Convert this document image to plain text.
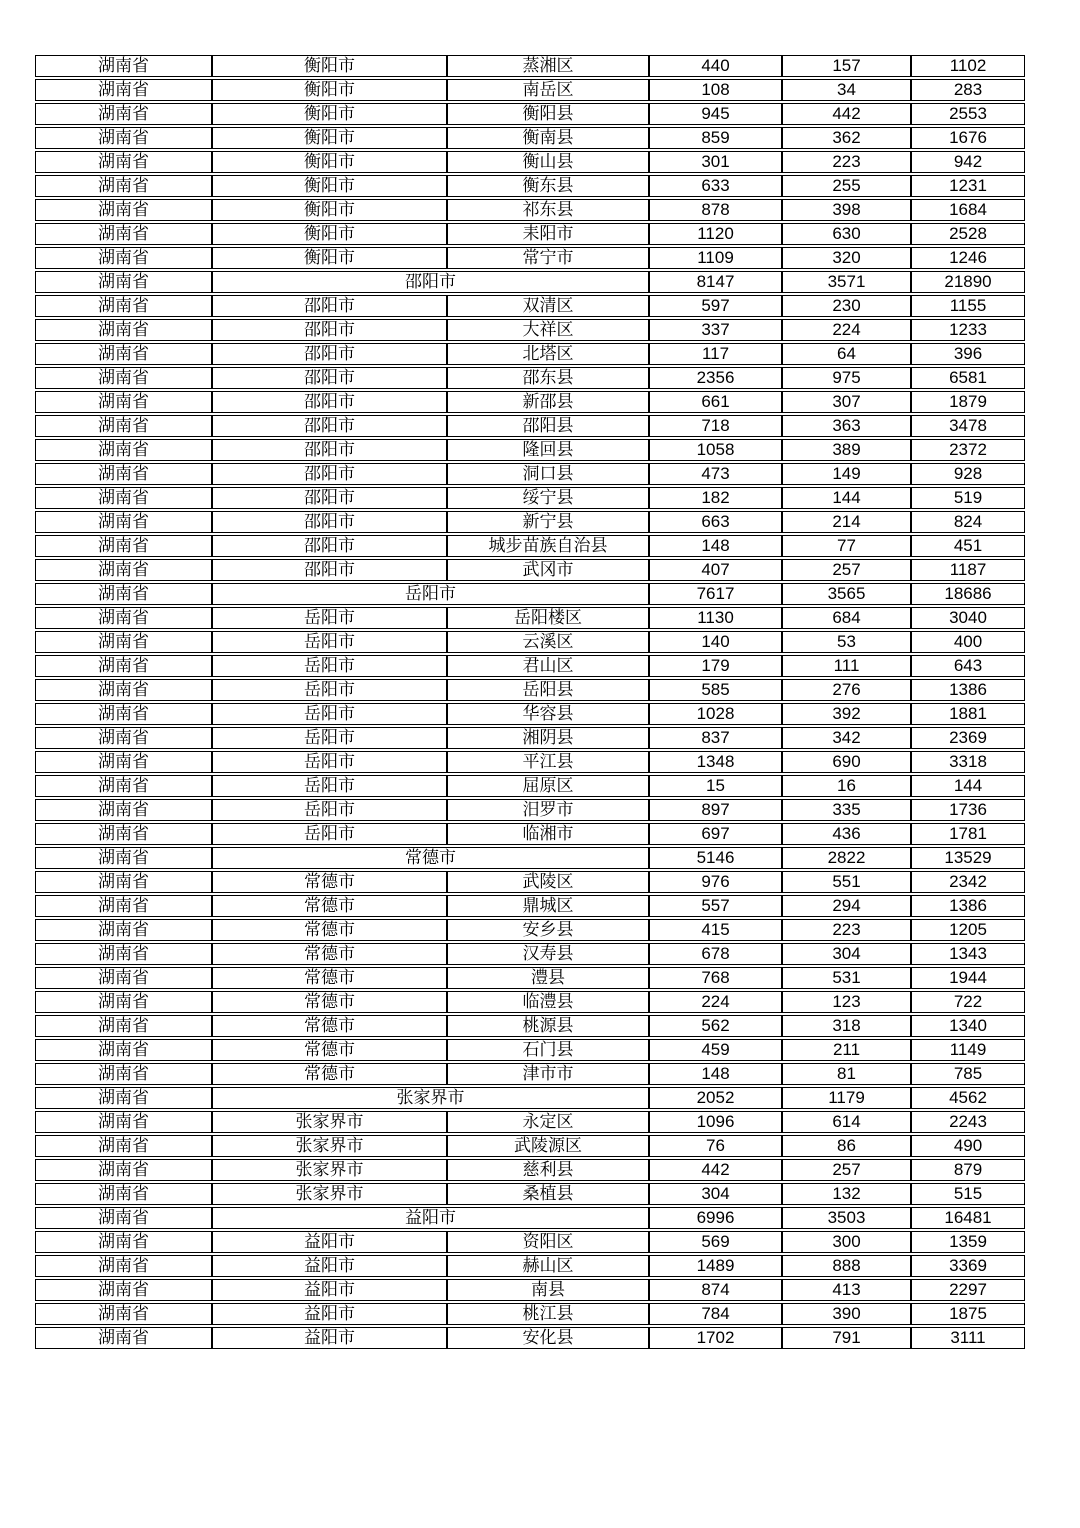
湖南省	衡阳市	蒸湘区	440	157	1102
湖南省	衡阳市	南岳区	108	34	283
湖南省	衡阳市	衡阳县	945	442	2553
湖南省	衡阳市	衡南县	859	362	1676
湖南省	衡阳市	衡山县	301	223	942
湖南省	衡阳市	衡东县	633	255	1231
湖南省	衡阳市	祁东县	878	398	1684
湖南省	衡阳市	耒阳市	1120	630	2528
湖南省	衡阳市	常宁市	1109	320	1246
湖南省	邵阳市		8147	3571	21890
湖南省	邵阳市	双清区	597	230	1155
湖南省	邵阳市	大祥区	337	224	1233
湖南省	邵阳市	北塔区	117	64	396
湖南省	邵阳市	邵东县	2356	975	6581
湖南省	邵阳市	新邵县	661	307	1879
湖南省	邵阳市	邵阳县	718	363	3478
湖南省	邵阳市	隆回县	1058	389	2372
湖南省	邵阳市	洞口县	473	149	928
湖南省	邵阳市	绥宁县	182	144	519
湖南省	邵阳市	新宁县	663	214	824
湖南省	邵阳市	城步苗族自治县	148	77	451
湖南省	邵阳市	武冈市	407	257	1187
湖南省	岳阳市		7617	3565	18686
湖南省	岳阳市	岳阳楼区	1130	684	3040
湖南省	岳阳市	云溪区	140	53	400
湖南省	岳阳市	君山区	179	111	643
湖南省	岳阳市	岳阳县	585	276	1386
湖南省	岳阳市	华容县	1028	392	1881
湖南省	岳阳市	湘阴县	837	342	2369
湖南省	岳阳市	平江县	1348	690	3318
湖南省	岳阳市	屈原区	15	16	144
湖南省	岳阳市	汨罗市	897	335	1736
湖南省	岳阳市	临湘市	697	436	1781
湖南省	常德市		5146	2822	13529
湖南省	常德市	武陵区	976	551	2342
湖南省	常德市	鼎城区	557	294	1386
湖南省	常德市	安乡县	415	223	1205
湖南省	常德市	汉寿县	678	304	1343
湖南省	常德市	澧县	768	531	1944
湖南省	常德市	临澧县	224	123	722
湖南省	常德市	桃源县	562	318	1340
湖南省	常德市	石门县	459	211	1149
湖南省	常德市	津市市	148	81	785
湖南省	张家界市		2052	1179	4562
湖南省	张家界市	永定区	1096	614	2243
湖南省	张家界市	武陵源区	76	86	490
湖南省	张家界市	慈利县	442	257	879
湖南省	张家界市	桑植县	304	132	515
湖南省	益阳市		6996	3503	16481
湖南省	益阳市	资阳区	569	300	1359
湖南省	益阳市	赫山区	1489	888	3369
湖南省	益阳市	南县	874	413	2297
湖南省	益阳市	桃江县	784	390	1875
湖南省	益阳市	安化县	1702	791	3111
